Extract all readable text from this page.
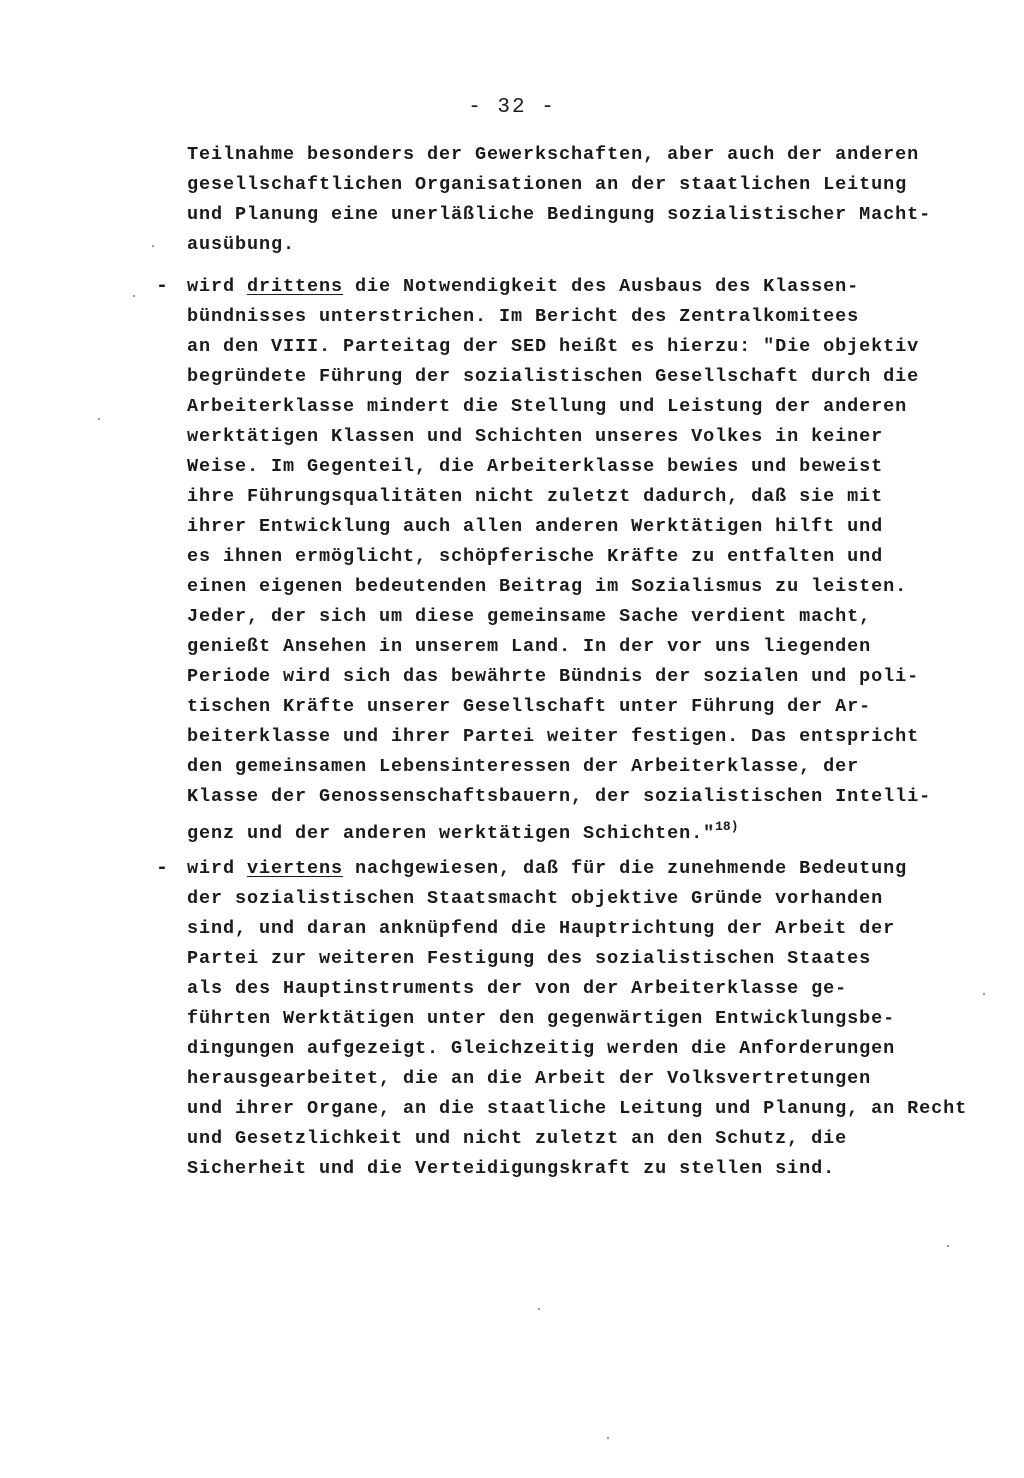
- 32 -
Teilnahme besonders der Gewerkschaften, aber auch der anderen
gesellschaftlichen Organisationen an der staatlichen Leitung
und Planung eine unerläßliche Bedingung sozialistischer Macht-
ausübung.
- wird drittens die Notwendigkeit des Ausbaus des Klassen-
bündnisses unterstrichen. Im Bericht des Zentralkomitees
an den VIII. Parteitag der SED heißt es hierzu: "Die objektiv
begründete Führung der sozialistischen Gesellschaft durch die
Arbeiterklasse mindert die Stellung und Leistung der anderen
werktätigen Klassen und Schichten unseres Volkes in keiner
Weise. Im Gegenteil, die Arbeiterklasse bewies und beweist
ihre Führungsqualitäten nicht zuletzt dadurch, daß sie mit
ihrer Entwicklung auch allen anderen Werktätigen hilft und
es ihnen ermöglicht, schöpferische Kräfte zu entfalten und
einen eigenen bedeutenden Beitrag im Sozialismus zu leisten.
Jeder, der sich um diese gemeinsame Sache verdient macht,
genießt Ansehen in unserem Land. In der vor uns liegenden
Periode wird sich das bewährte Bündnis der sozialen und poli-
tischen Kräfte unserer Gesellschaft unter Führung der Ar-
beiterklasse und ihrer Partei weiter festigen. Das entspricht
den gemeinsamen Lebensinteressen der Arbeiterklasse, der
Klasse der Genossenschaftsbauern, der sozialistischen Intelli-
genz und der anderen werktätigen Schichten."$^{18)}$
- wird viertens nachgewiesen, daß für die zunehmende Bedeutung
der sozialistischen Staatsmacht objektive Gründe vorhanden
sind, und daran anknüpfend die Hauptrichtung der Arbeit der
Partei zur weiteren Festigung des sozialistischen Staates
als des Hauptinstruments der von der Arbeiterklasse ge-
führten Werktätigen unter den gegenwärtigen Entwicklungsbe-
dingungen aufgezeigt. Gleichzeitig werden die Anforderungen
herausgearbeitet, die an die Arbeit der Volksvertretungen
und ihrer Organe, an die staatliche Leitung und Planung, an Recht
und Gesetzlichkeit und nicht zuletzt an den Schutz, die
Sicherheit und die Verteidigungskraft zu stellen sind.
